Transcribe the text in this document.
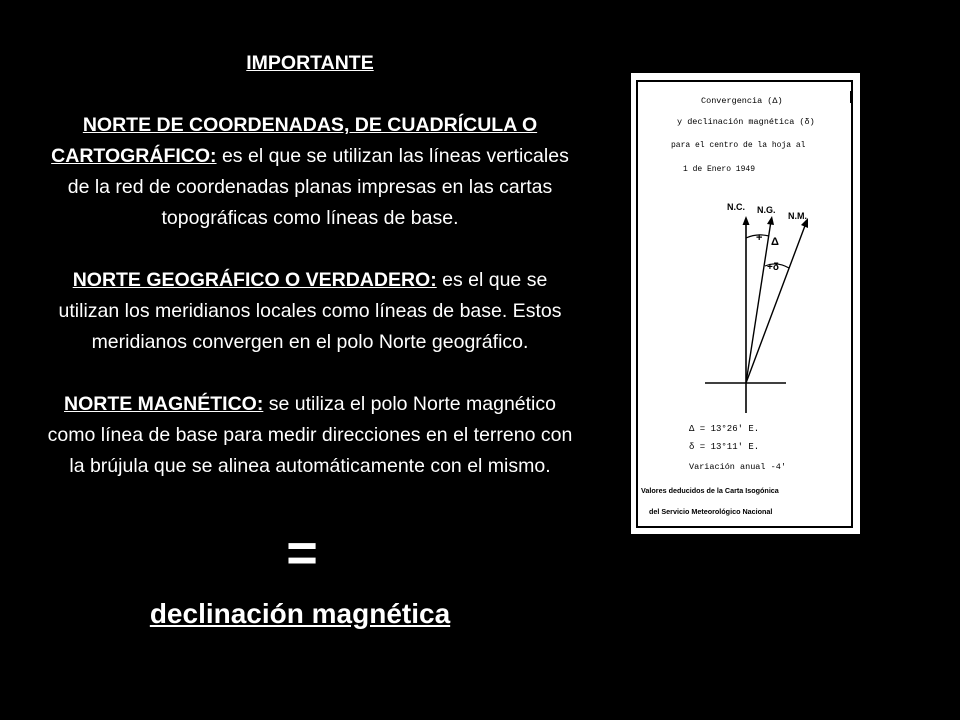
IMPORTANTE

NORTE DE COORDENADAS, DE CUADRÍCULA O CARTOGRÁFICO: es el que se utilizan las líneas verticales de la red de coordenadas planas impresas en las cartas topográficas como líneas de base.

NORTE GEOGRÁFICO O VERDADERO: es el que se utilizan los meridianos locales como líneas de base. Estos meridianos convergen en el polo Norte geográfico.

NORTE MAGNÉTICO: se utiliza el polo Norte magnético como línea de base para medir direcciones en el terreno con la brújula que se alinea automáticamente con el mismo.

=
declinación magnética
Convergencia (Δ)
y declinación magnética (δ)
para el centro de la hoja al
1 de Enero 1949
N.C. N.G.
N.M.
+ Δ
+δ
Δ = 13°26' E.
δ = 13°11' E.
Variación anual -4'
Valores deducidos de la Carta Isogónica
del Servicio Meteorológico Nacional
